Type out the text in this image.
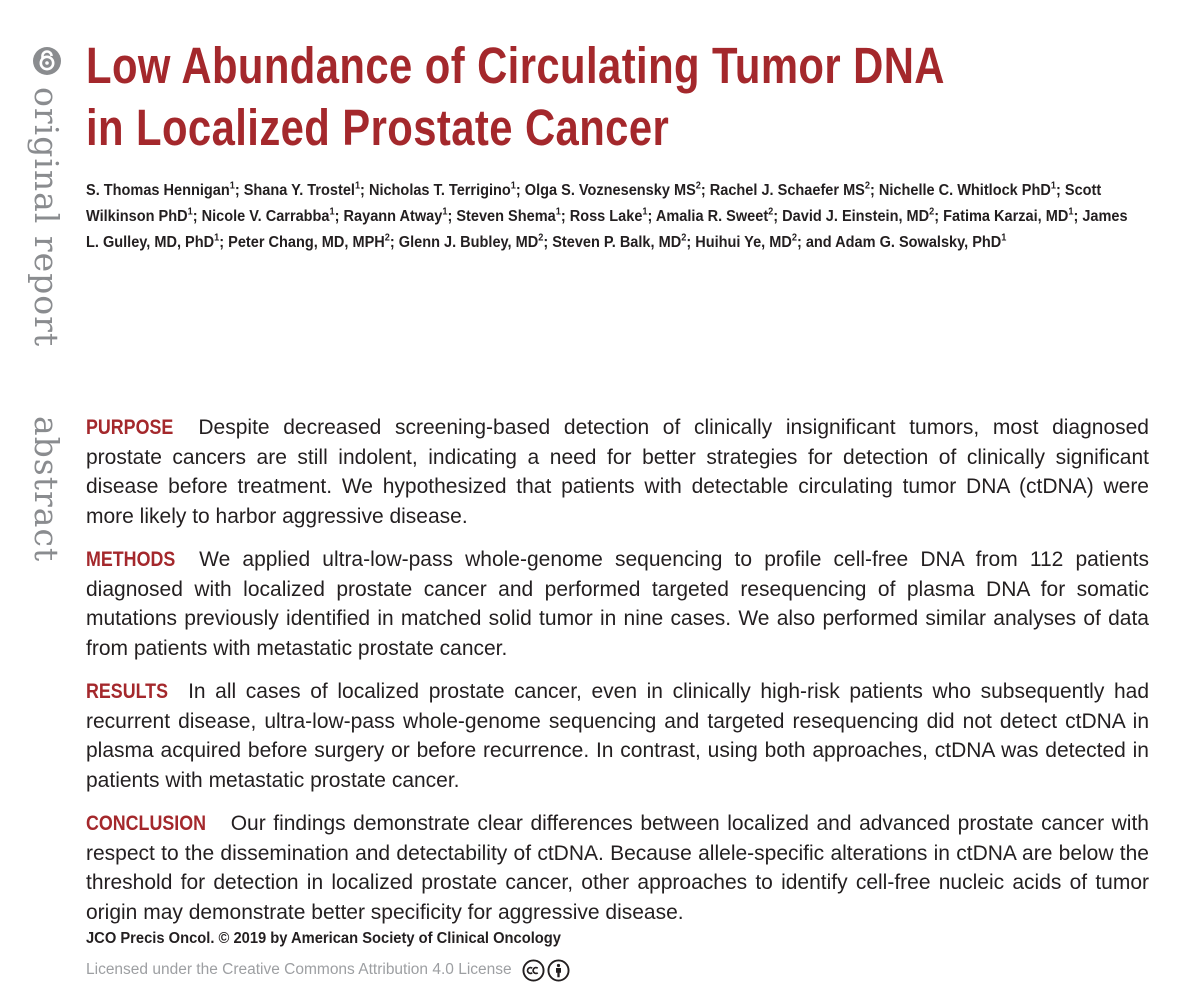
original report
abstract
Low Abundance of Circulating Tumor DNA in Localized Prostate Cancer
S. Thomas Hennigan$^1$; Shana Y. Trostel$^1$; Nicholas T. Terrigino$^1$; Olga S. Voznesensky $MS^2$; Rachel J. Schaefer $MS^2$; Nichelle C. Whitlock PhD$^1$; Scott Wilkinson PhD$^1$; Nicole V. Carrabba$^1$; Rayann Atway$^1$; Steven Shema$^1$; Ross Lake$^1$; Amalia R. Sweet$^2$; David J. Einstein, $MD^2$; Fatima Karzai, $MD^1$; James L. Gulley, MD, PhD$^1$; Peter Chang, MD, MPH$^2$; Glenn J. Bubley, $MD^2$; Steven P. Balk, $MD^2$; Huihui Ye, $MD^2$; and Adam G. Sowalsky, PhD$^1$

PURPOSE Despite decreased screening-based detection of clinically insignificant tumors, most diagnosed prostate cancers are still indolent, indicating a need for better strategies for detection of clinically significant disease before treatment. We hypothesized that patients with detectable circulating tumor DNA (ctDNA) were more likely to harbor aggressive disease.

METHODS We applied ultra-low-pass whole-genome sequencing to profile cell-free DNA from 112 patients diagnosed with localized prostate cancer and performed targeted resequencing of plasma DNA for somatic mutations previously identified in matched solid tumor in nine cases. We also performed similar analyses of data from patients with metastatic prostate cancer.

RESULTS In all cases of localized prostate cancer, even in clinically high-risk patients who subsequently had recurrent disease, ultra-low-pass whole-genome sequencing and targeted resequencing did not detect ctDNA in plasma acquired before surgery or before recurrence. In contrast, using both approaches, ctDNA was detected in patients with metastatic prostate cancer.

CONCLUSION Our findings demonstrate clear differences between localized and advanced prostate cancer with respect to the dissemination and detectability of ctDNA. Because allele-specific alterations in ctDNA are below the threshold for detection in localized prostate cancer, other approaches to identify cell-free nucleic acids of tumor origin may demonstrate better specificity for aggressive disease.

JCO Precis Oncol. © 2019 by American Society of Clinical Oncology
Licensed under the Creative Commons Attribution 4.0 License
